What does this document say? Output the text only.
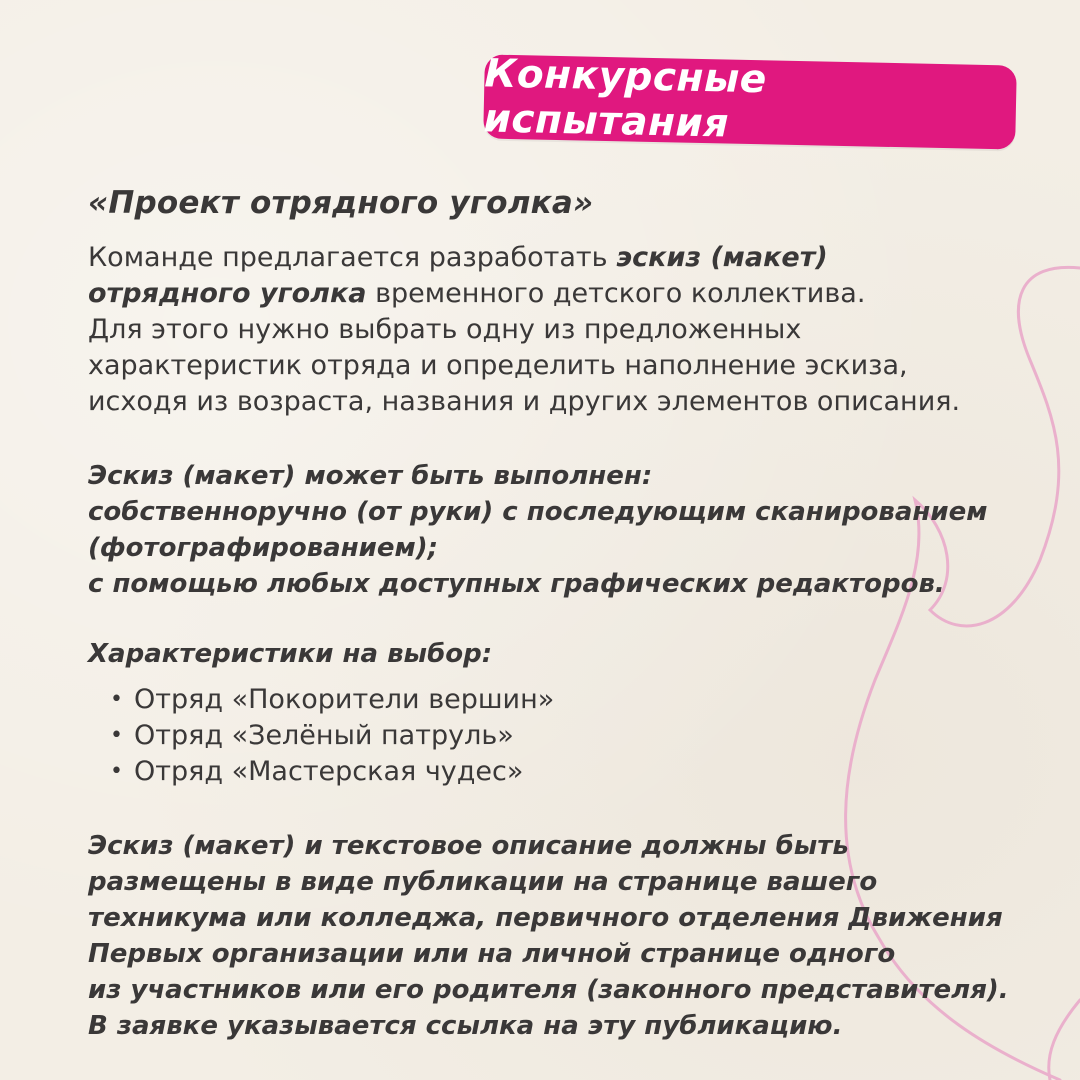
Конкурсные испытания
«Проект отрядного уголка»

Команде предлагается разработать эскиз (макет)
отрядного уголка временного детского коллектива.
Для этого нужно выбрать одну из предложенных
характеристик отряда и определить наполнение эскиза,
исходя из возраста, названия и других элементов описания.

Эскиз (макет) может быть выполнен:
собственноручно (от руки) с последующим сканированием
(фотографированием);
с помощью любых доступных графических редакторов.

Характеристики на выбор:

• Отряд «Покорители вершин»
• Отряд «Зелёный патруль»
• Отряд «Мастерская чудес»

Эскиз (макет) и текстовое описание должны быть
размещены в виде публикации на странице вашего
техникума или колледжа, первичного отделения Движения
Первых организации или на личной странице одного
из участников или его родителя (законного представителя).
В заявке указывается ссылка на эту публикацию.
